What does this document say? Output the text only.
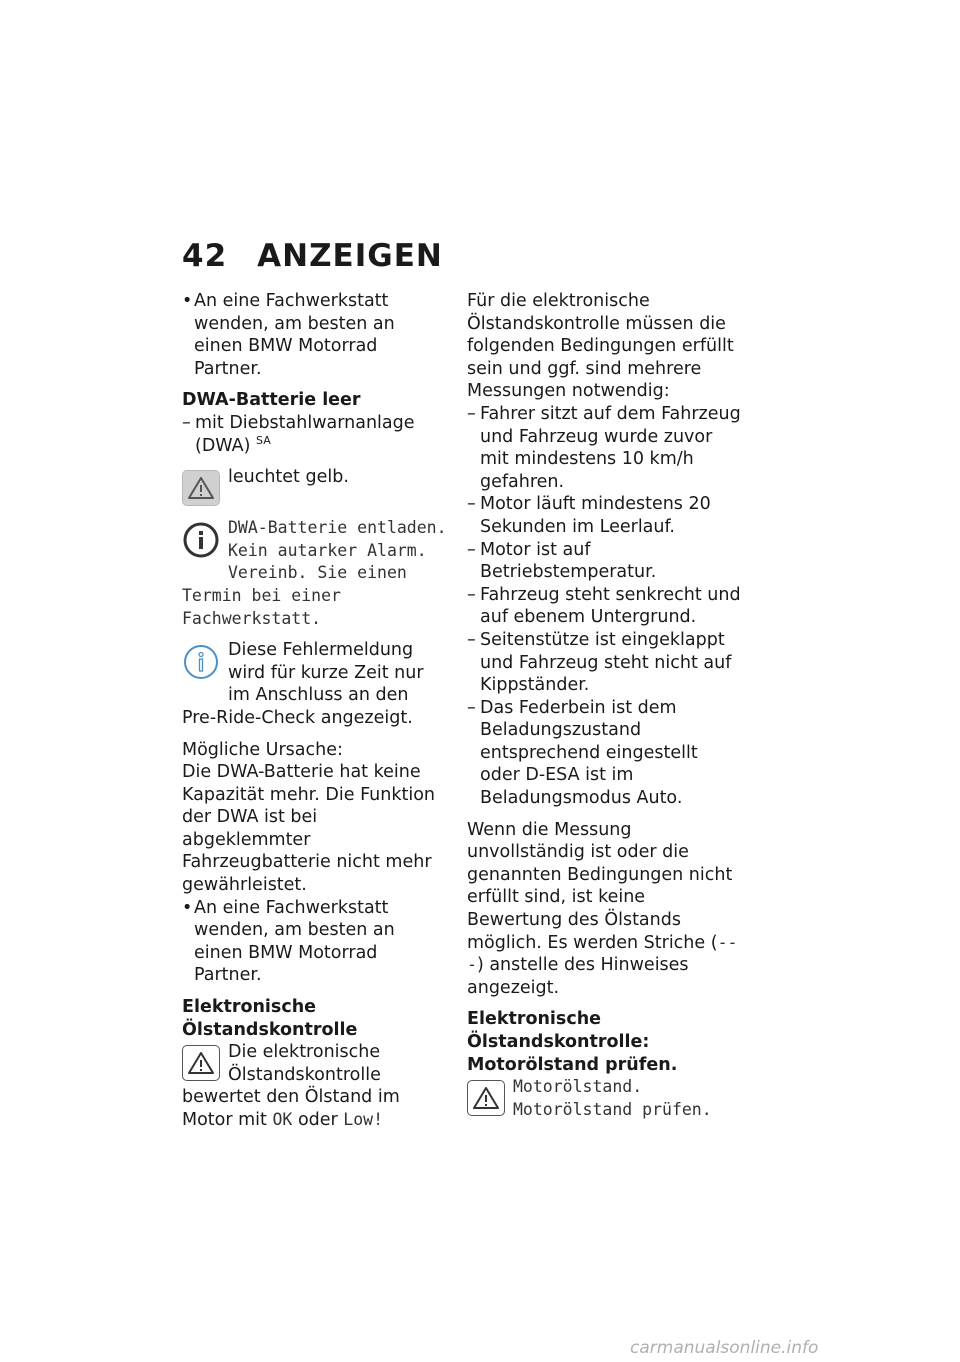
42 ANZEIGEN
• An eine Fachwerkstatt wenden, am besten an einen BMW Motorrad Partner.

DWA-Batterie leer

– mit Diebstahlwarnanlage (DWA) $^{SA}$

leuchtet gelb.

DWA-Batterie entladen. Kein autarker Alarm. Vereinb. Sie einen Termin bei einer Fachwerkstatt.

Diese Fehlermeldung wird für kurze Zeit nur im Anschluss an den Pre-Ride-Check angezeigt.

Mögliche Ursache:

Die DWA-Batterie hat keine Kapazität mehr. Die Funktion der DWA ist bei abgeklemmter Fahrzeugbatterie nicht mehr gewährleistet.

• An eine Fachwerkstatt wenden, am besten an einen BMW Motorrad Partner.

Elektronische Ölstandskontrolle

Die elektronische Ölstandskontrolle bewertet den Ölstand im Motor mit OK oder Low!

Für die elektronische Ölstandskontrolle müssen die folgenden Bedingungen erfüllt sein und ggf. sind mehrere Messungen notwendig:

– Fahrer sitzt auf dem Fahrzeug und Fahrzeug wurde zuvor mit mindestens 10 km/h gefahren.
– Motor läuft mindestens 20 Sekunden im Leerlauf.
– Motor ist auf Betriebstemperatur.
– Fahrzeug steht senkrecht und auf ebenem Untergrund.
– Seitenstütze ist eingeklappt und Fahrzeug steht nicht auf Kippständer.
– Das Federbein ist dem Beladungszustand entsprechend eingestellt oder D-ESA ist im Beladungsmodus Auto.

Wenn die Messung unvollständig ist oder die genannten Bedingungen nicht erfüllt sind, ist keine Bewertung des Ölstands möglich. Es werden Striche (---) anstelle des Hinweises angezeigt.

Elektronische Ölstandskontrolle:

Motorölstand prüfen.

Motorölstand. Motorölstand prüfen.

carmanualsonline.info
